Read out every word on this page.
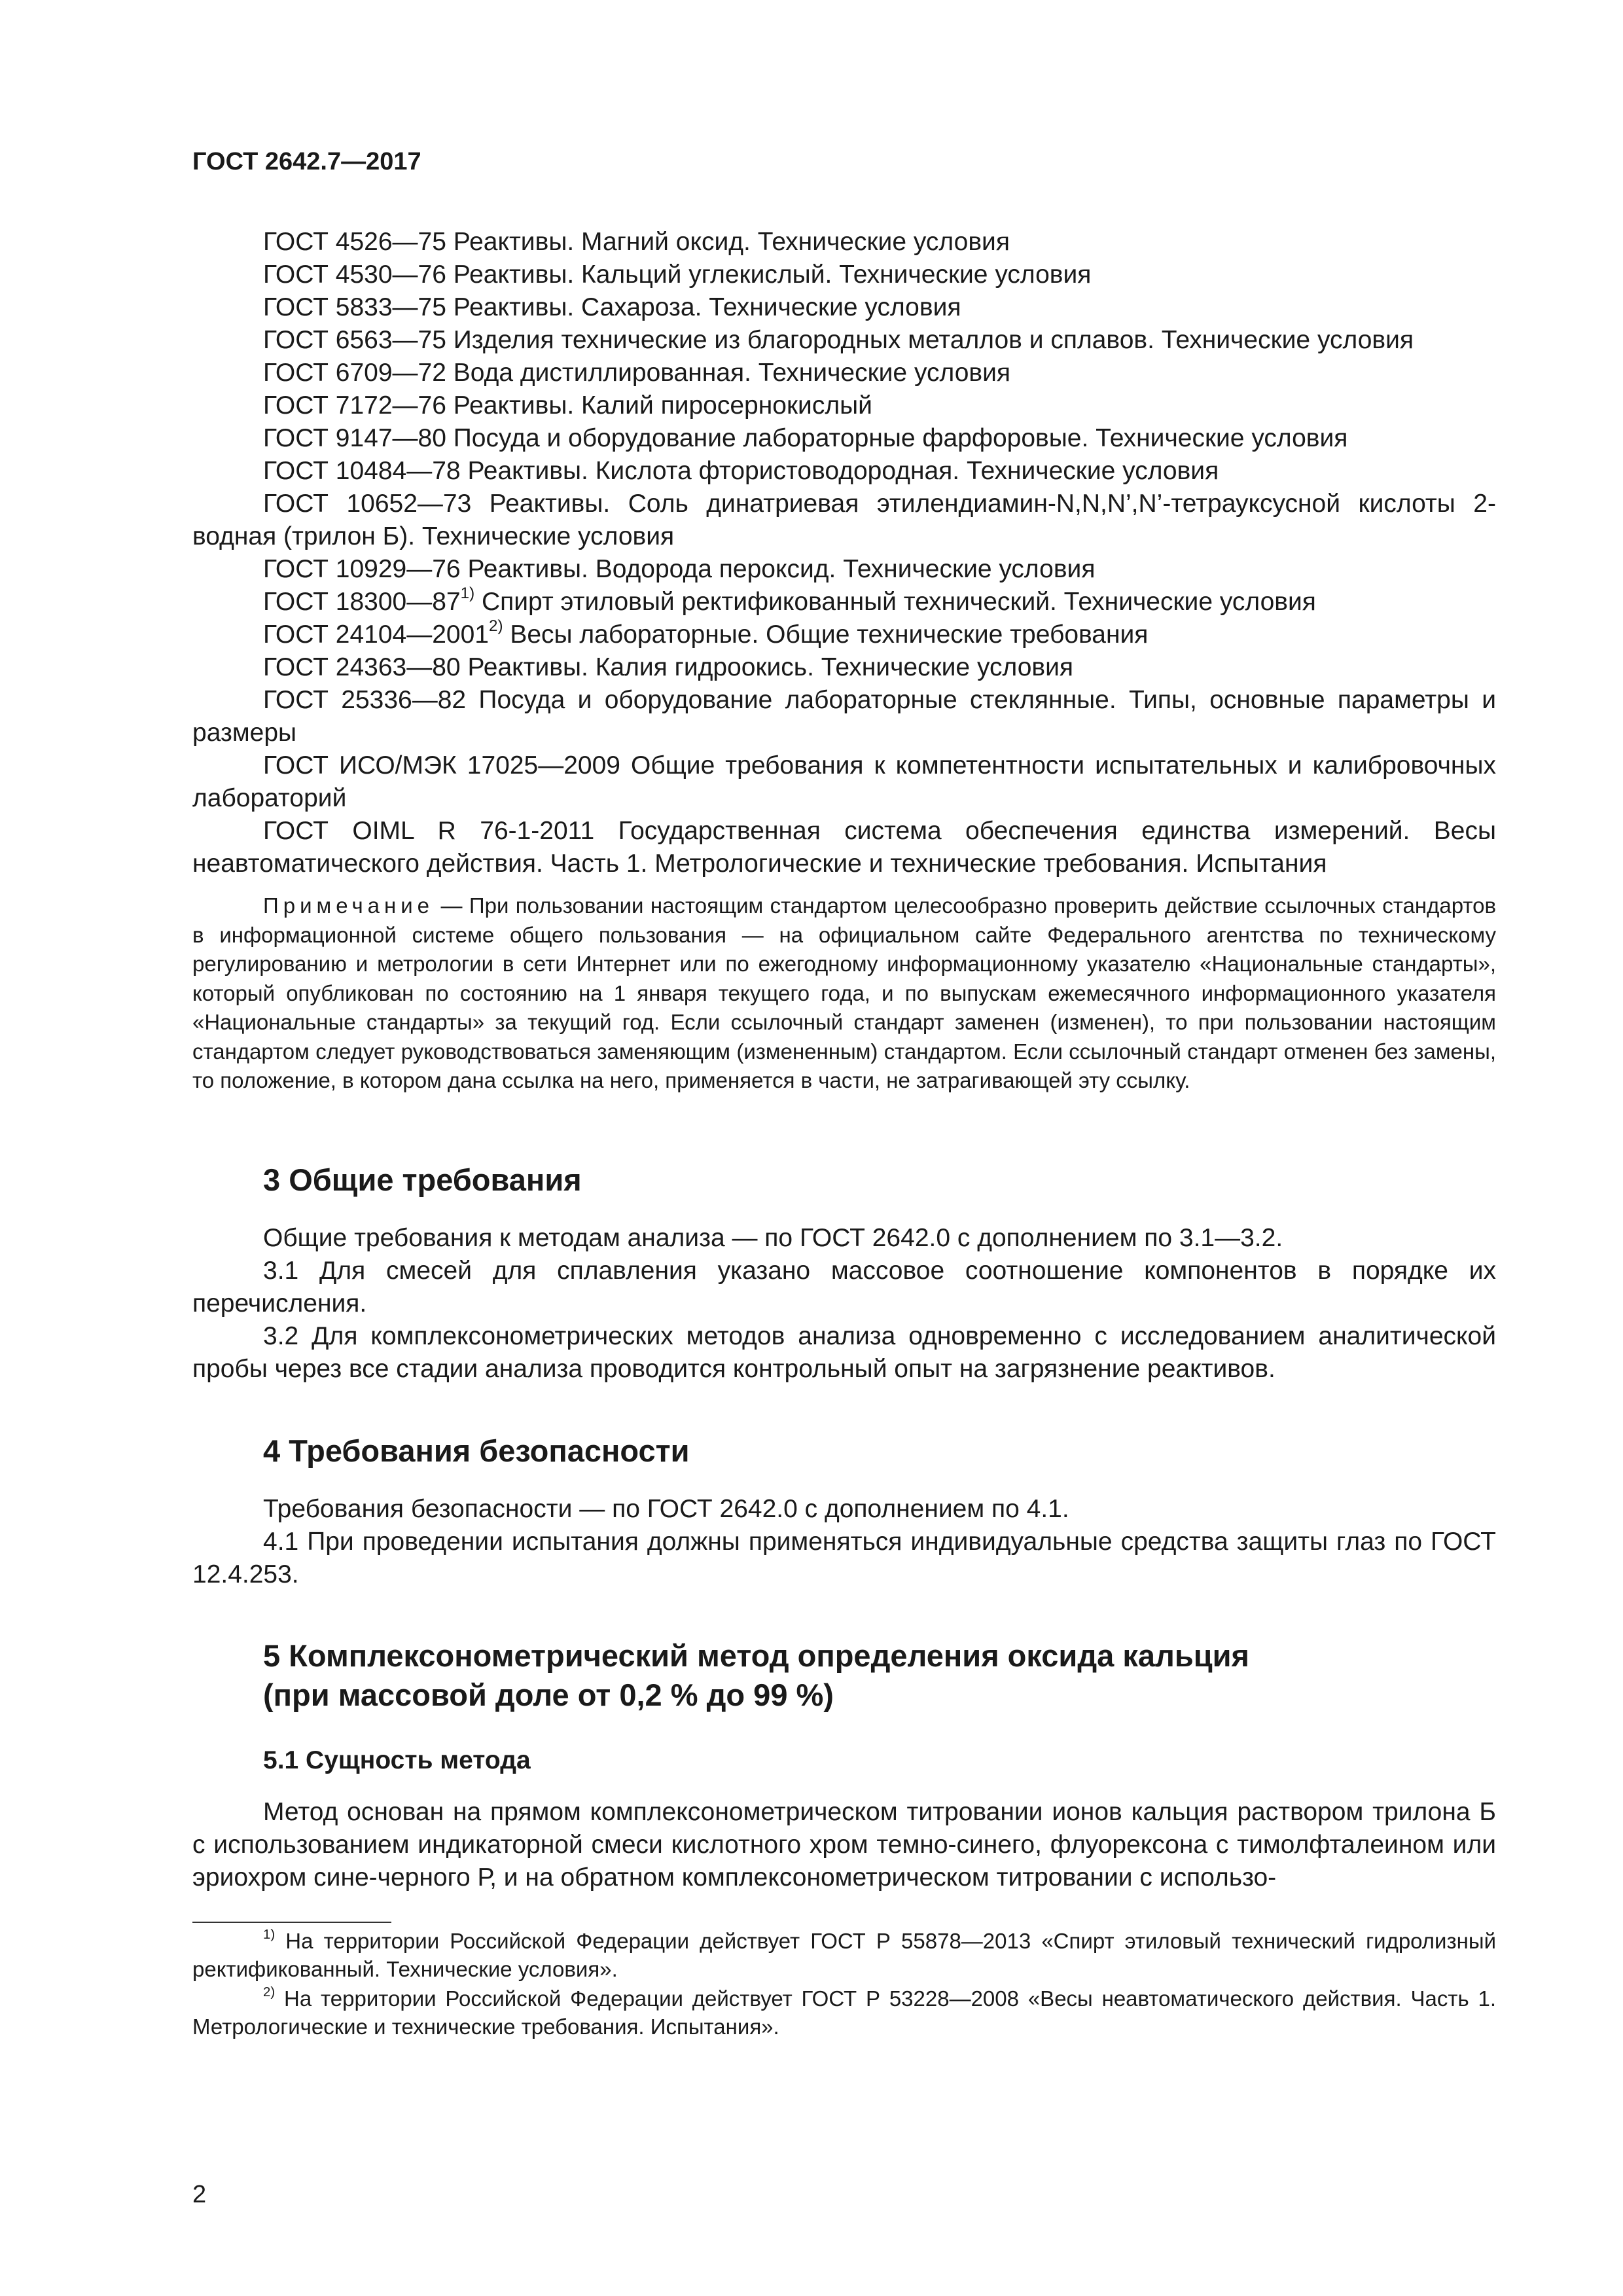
ГОСТ 2642.7—2017

ГОСТ 4526—75 Реактивы. Магний оксид. Технические условия

ГОСТ 4530—76 Реактивы. Кальций углекислый. Технические условия

ГОСТ 5833—75 Реактивы. Сахароза. Технические условия

ГОСТ 6563—75 Изделия технические из благородных металлов и сплавов. Технические условия

ГОСТ 6709—72 Вода дистиллированная. Технические условия

ГОСТ 7172—76 Реактивы. Калий пиросернокислый

ГОСТ 9147—80 Посуда и оборудование лабораторные фарфоровые. Технические условия

ГОСТ 10484—78 Реактивы. Кислота фтористоводородная. Технические условия

ГОСТ 10652—73 Реактивы. Соль динатриевая этилендиамин-N,N,N’,N’-тетрауксусной кислоты 2-водная (трилон Б). Технические условия

ГОСТ 10929—76 Реактивы. Водорода пероксид. Технические условия

ГОСТ 18300—87$^{1)}$ Спирт этиловый ректификованный технический. Технические условия

ГОСТ 24104—2001$^{2)}$ Весы лабораторные. Общие технические требования

ГОСТ 24363—80 Реактивы. Калия гидроокись. Технические условия

ГОСТ 25336—82 Посуда и оборудование лабораторные стеклянные. Типы, основные параметры и размеры

ГОСТ ИСО/МЭК 17025—2009 Общие требования к компетентности испытательных и калибровочных лабораторий

ГОСТ OIML R 76-1-2011 Государственная система обеспечения единства измерений. Весы неавтоматического действия. Часть 1. Метрологические и технические требования. Испытания

Примечание — При пользовании настоящим стандартом целесообразно проверить действие ссылочных стандартов в информационной системе общего пользования — на официальном сайте Федерального агентства по техническому регулированию и метрологии в сети Интернет или по ежегодному информационному указателю «Национальные стандарты», который опубликован по состоянию на 1 января текущего года, и по выпускам ежемесячного информационного указателя «Национальные стандарты» за текущий год. Если ссылочный стандарт заменен (изменен), то при пользовании настоящим стандартом следует руководствоваться заменяющим (измененным) стандартом. Если ссылочный стандарт отменен без замены, то положение, в котором дана ссылка на него, применяется в части, не затрагивающей эту ссылку.

3 Общие требования

Общие требования к методам анализа — по ГОСТ 2642.0 с дополнением по 3.1—3.2.

3.1 Для смесей для сплавления указано массовое соотношение компонентов в порядке их перечисления.

3.2 Для комплексонометрических методов анализа одновременно с исследованием аналитической пробы через все стадии анализа проводится контрольный опыт на загрязнение реактивов.

4 Требования безопасности

Требования безопасности — по ГОСТ 2642.0 с дополнением по 4.1.

4.1 При проведении испытания должны применяться индивидуальные средства защиты глаз по ГОСТ 12.4.253.

5 Комплексонометрический метод определения оксида кальция
(при массовой доле от 0,2 % до 99 %)
5.1 Сущность метода

Метод основан на прямом комплексонометрическом титровании ионов кальция раствором трилона Б с использованием индикаторной смеси кислотного хром темно-синего, флуорексона с тимолфталеином или эриохром сине-черного Р, и на обратном комплексонометрическом титровании с использо-

$^{1)}$ На территории Российской Федерации действует ГОСТ Р 55878—2013 «Спирт этиловый технический гидролизный ректификованный. Технические условия».

$^{2)}$ На территории Российской Федерации действует ГОСТ Р 53228—2008 «Весы неавтоматического действия. Часть 1. Метрологические и технические требования. Испытания».

2
